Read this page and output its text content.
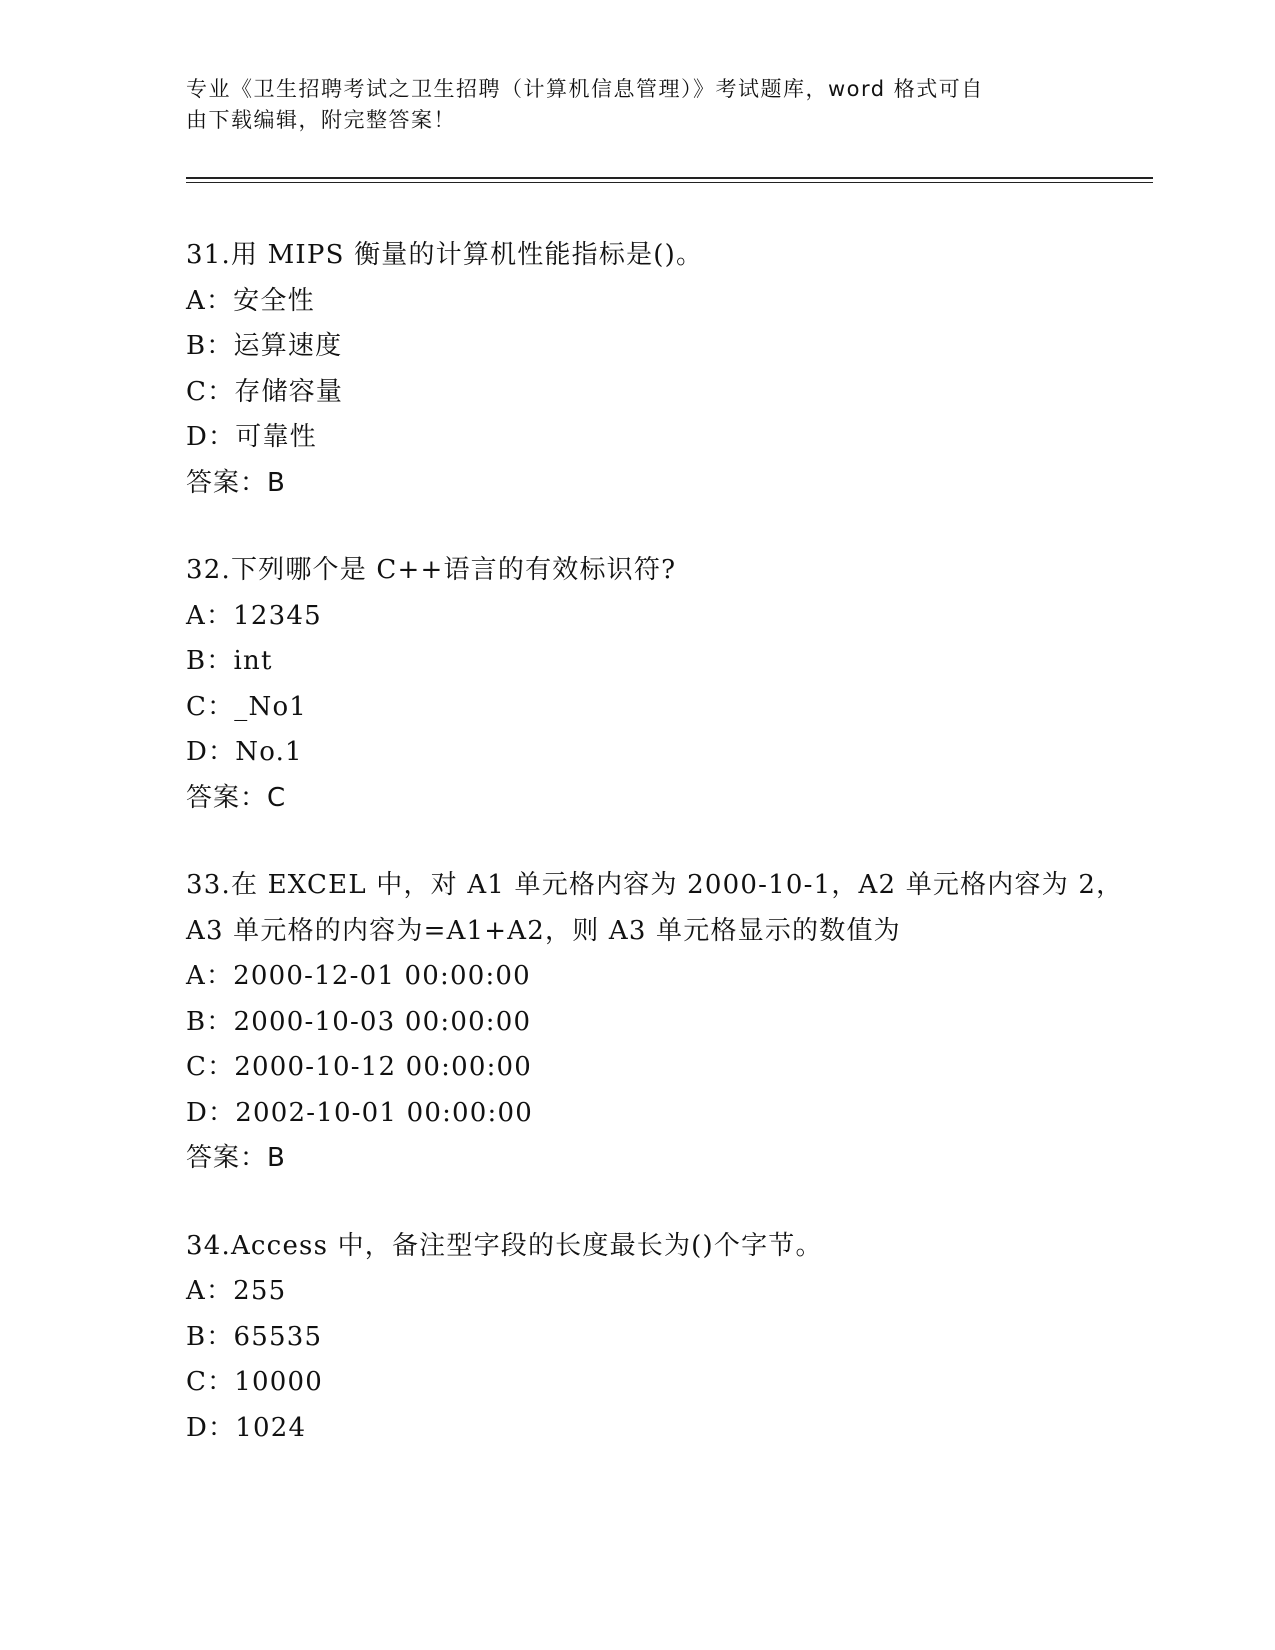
专业《卫生招聘考试之卫生招聘（计算机信息管理）》考试题库，word 格式可自
由下载编辑，附完整答案！
31.用 MIPS 衡量的计算机性能指标是()。
A：安全性
B：运算速度
C：存储容量
D：可靠性
答案：B
32.下列哪个是 C++语言的有效标识符?
A：12345
B：int
C：_No1
D：No.1
答案：C
33.在 EXCEL 中，对 A1 单元格内容为 2000-10-1，A2 单元格内容为 2，
A3 单元格的内容为=A1+A2，则 A3 单元格显示的数值为
A：2000-12-01 00:00:00
B：2000-10-03 00:00:00
C：2000-10-12 00:00:00
D：2002-10-01 00:00:00
答案：B
34.Access 中，备注型字段的长度最长为()个字节。
A：255
B：65535
C：10000
D：1024
